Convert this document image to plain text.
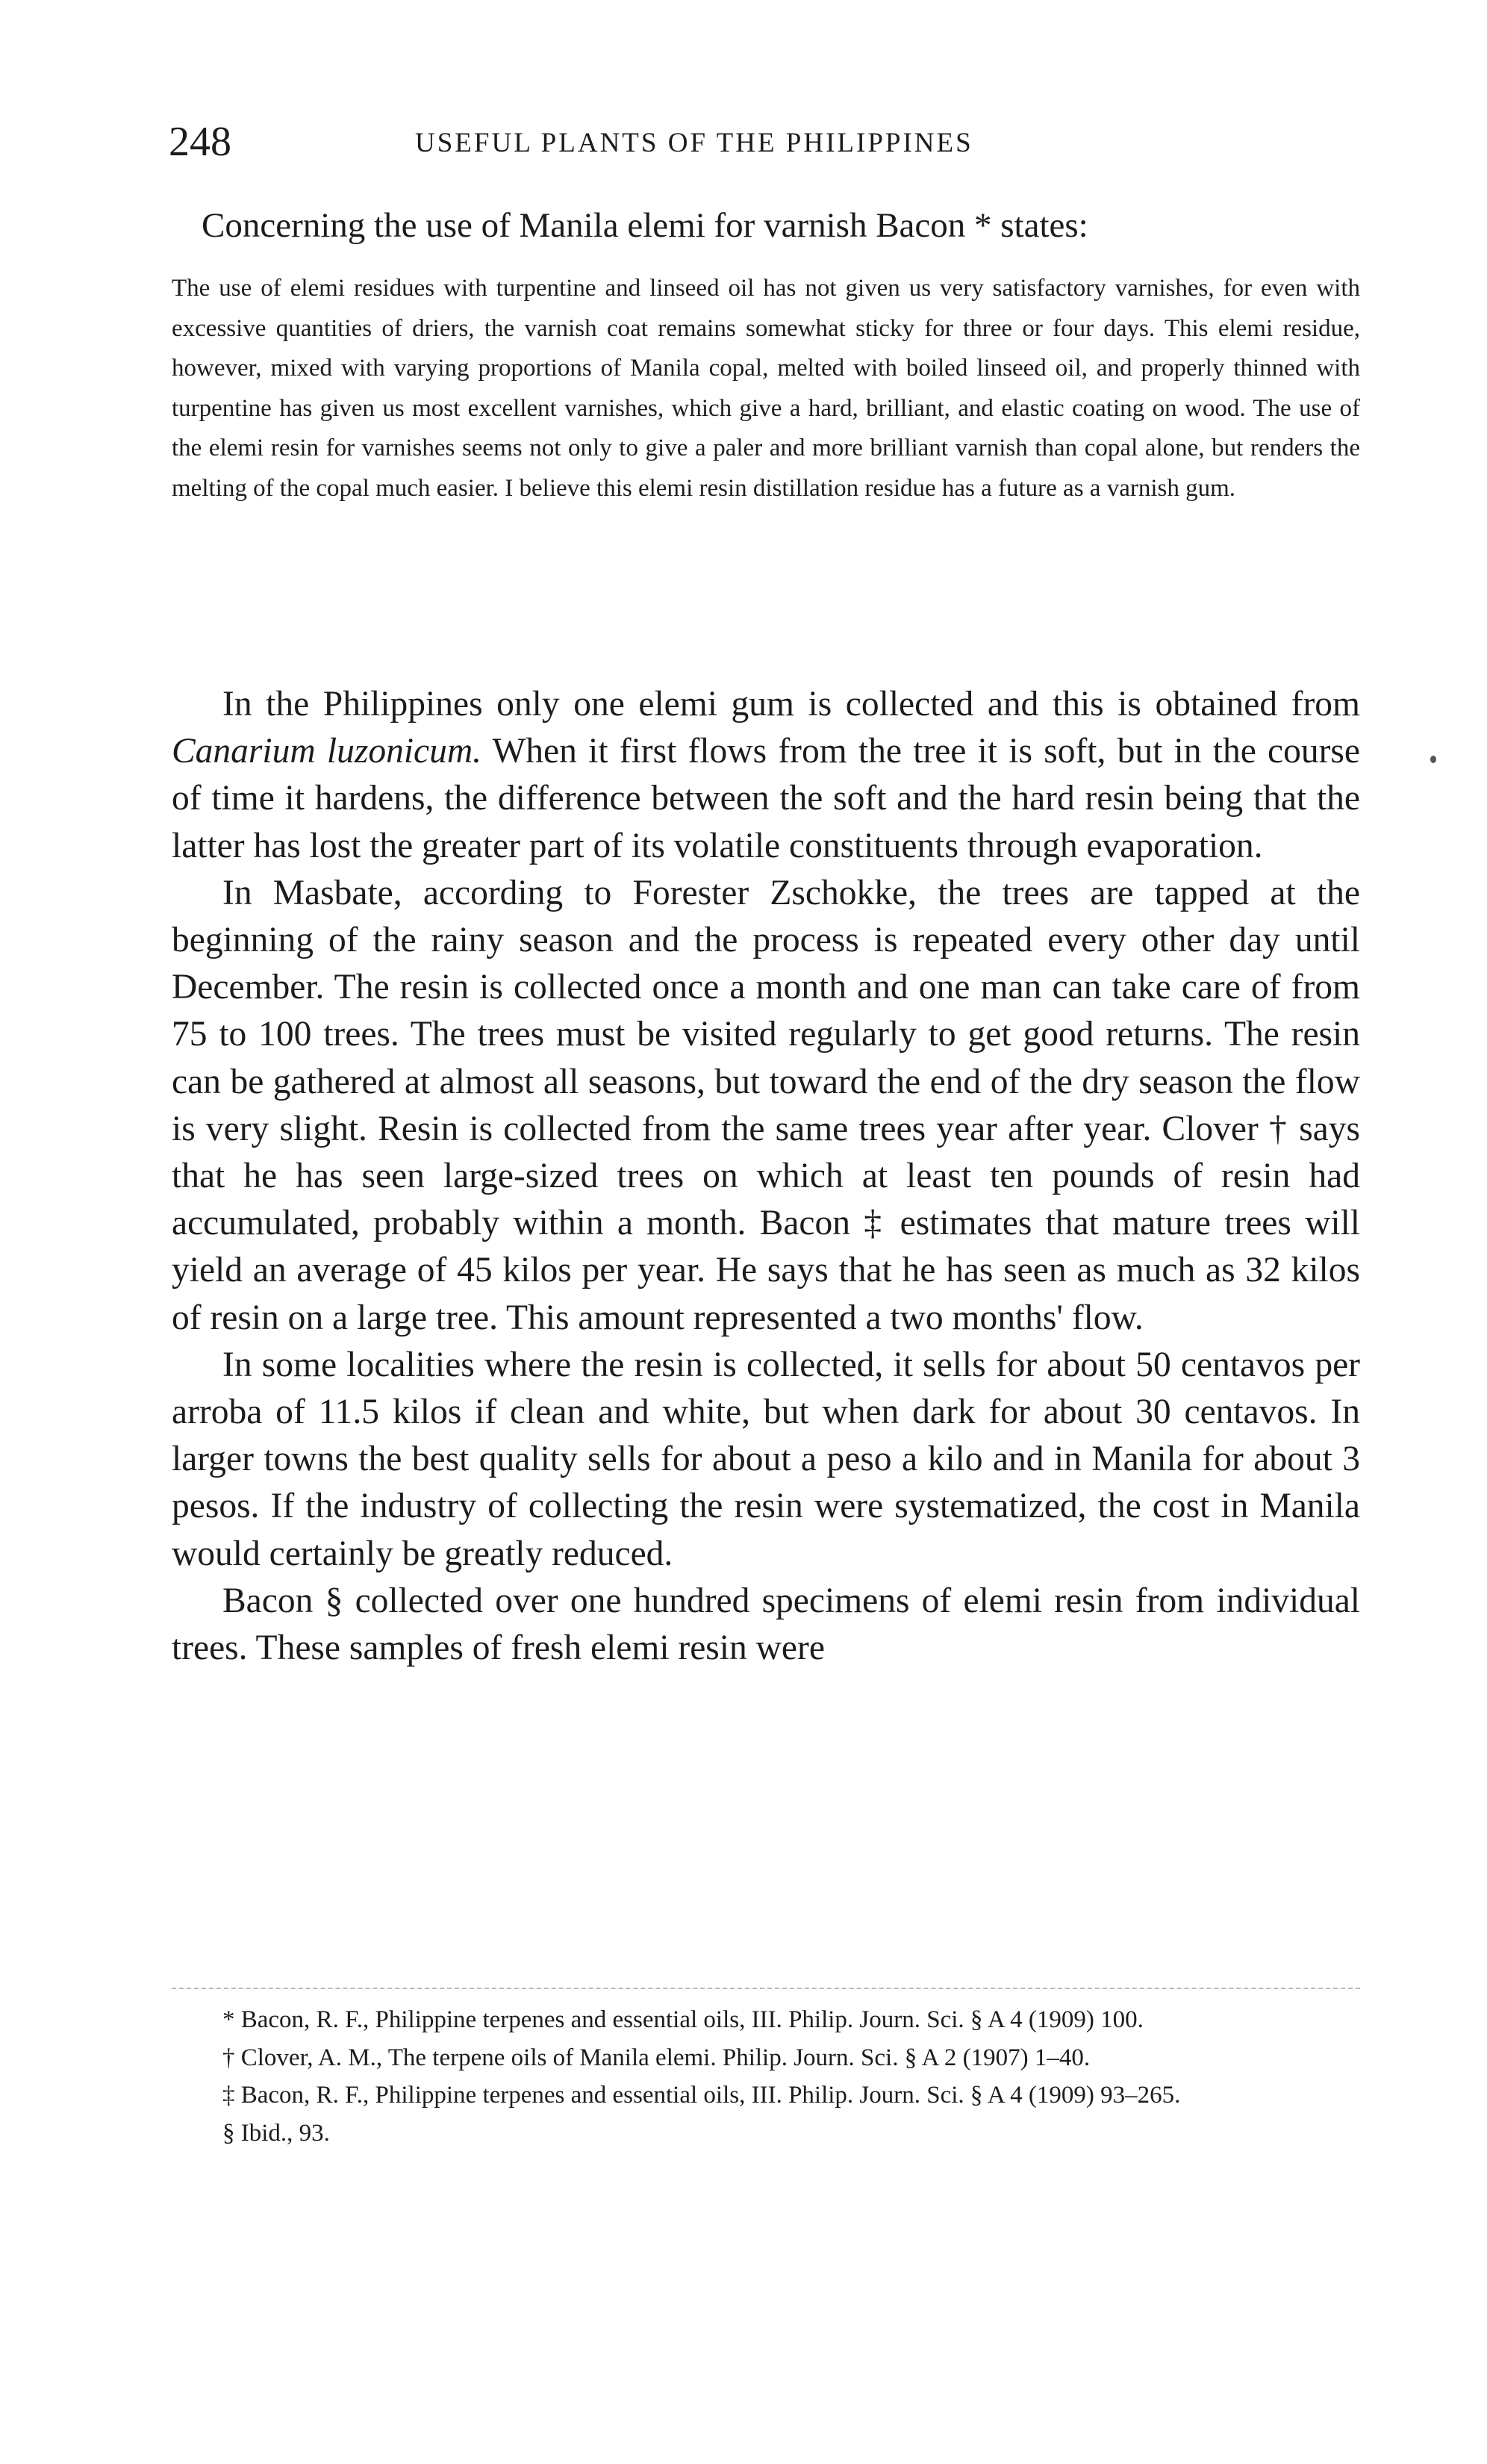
248	USEFUL PLANTS OF THE PHILIPPINES
Concerning the use of Manila elemi for varnish Bacon * states:
The use of elemi residues with turpentine and linseed oil has not given us very satisfactory varnishes, for even with excessive quantities of driers, the varnish coat remains somewhat sticky for three or four days. This elemi residue, however, mixed with varying proportions of Manila copal, melted with boiled linseed oil, and properly thinned with turpentine has given us most excellent varnishes, which give a hard, brilliant, and elastic coating on wood. The use of the elemi resin for varnishes seems not only to give a paler and more brilliant varnish than copal alone, but renders the melting of the copal much easier. I believe this elemi resin distillation residue has a future as a varnish gum.

In the Philippines only one elemi gum is collected and this is obtained from Canarium luzonicum. When it first flows from the tree it is soft, but in the course of time it hardens, the difference between the soft and the hard resin being that the latter has lost the greater part of its volatile constituents through evaporation.

In Masbate, according to Forester Zschokke, the trees are tapped at the beginning of the rainy season and the process is repeated every other day until December. The resin is collected once a month and one man can take care of from 75 to 100 trees. The trees must be visited regularly to get good returns. The resin can be gathered at almost all seasons, but toward the end of the dry season the flow is very slight. Resin is collected from the same trees year after year. Clover † says that he has seen large-sized trees on which at least ten pounds of resin had accumulated, probably within a month. Bacon ‡ estimates that mature trees will yield an average of 45 kilos per year. He says that he has seen as much as 32 kilos of resin on a large tree. This amount represented a two months' flow.

In some localities where the resin is collected, it sells for about 50 centavos per arroba of 11.5 kilos if clean and white, but when dark for about 30 centavos. In larger towns the best quality sells for about a peso a kilo and in Manila for about 3 pesos. If the industry of collecting the resin were systematized, the cost in Manila would certainly be greatly reduced.

Bacon § collected over one hundred specimens of elemi resin from individual trees. These samples of fresh elemi resin were

* Bacon, R. F., Philippine terpenes and essential oils, III. Philip. Journ. Sci. § A 4 (1909) 100.

† Clover, A. M., The terpene oils of Manila elemi. Philip. Journ. Sci. § A 2 (1907) 1–40.

‡ Bacon, R. F., Philippine terpenes and essential oils, III. Philip. Journ. Sci. § A 4 (1909) 93–265.

§ Ibid., 93.
